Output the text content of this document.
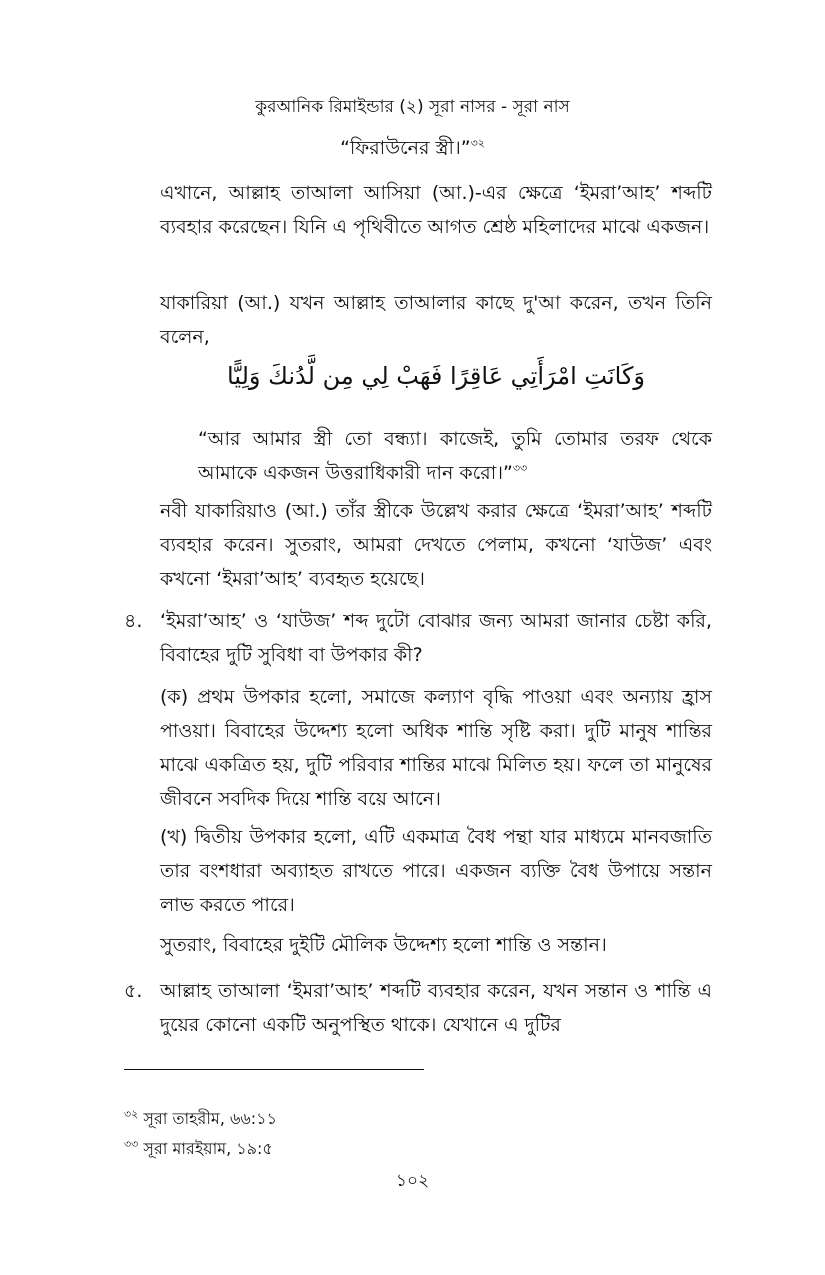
কুরআনিক রিমাইন্ডার (২) সূরা নাসর - সূরা নাস
“ফিরাউনের স্ত্রী।”$^{৩২}$
এখানে, আল্লাহ তাআলা আসিয়া (আ.)-এর ক্ষেত্রে ‘ইমরা’আহ’ শব্দটি ব্যবহার করেছেন। যিনি এ পৃথিবীতে আগত শ্রেষ্ঠ মহিলাদের মাঝে একজন।
যাকারিয়া (আ.) যখন আল্লাহ তাআলার কাছে দু'আ করেন, তখন তিনি বলেন,
وَكَانَتِ امْرَأَتِي عَاقِرًا فَهَبْ لِي مِن لَّدُنكَ وَلِيًّا
“আর আমার স্ত্রী তো বন্ধ্যা। কাজেই, তুমি তোমার তরফ থেকে আমাকে একজন উত্তরাধিকারী দান করো।”$^{৩৩}$
নবী যাকারিয়াও (আ.) তাঁর স্ত্রীকে উল্লেখ করার ক্ষেত্রে ‘ইমরা’আহ’ শব্দটি ব্যবহার করেন। সুতরাং, আমরা দেখতে পেলাম, কখনো ‘যাউজ’ এবং কখনো ‘ইমরা’আহ’ ব্যবহৃত হয়েছে।
৪. ‘ইমরা’আহ’ ও ‘যাউজ’ শব্দ দুটো বোঝার জন্য আমরা জানার চেষ্টা করি, বিবাহের দুটি সুবিধা বা উপকার কী?
(ক) প্রথম উপকার হলো, সমাজে কল্যাণ বৃদ্ধি পাওয়া এবং অন্যায় হ্রাস পাওয়া। বিবাহের উদ্দেশ্য হলো অধিক শান্তি সৃষ্টি করা। দুটি মানুষ শান্তির মাঝে একত্রিত হয়, দুটি পরিবার শান্তির মাঝে মিলিত হয়। ফলে তা মানুষের জীবনে সবদিক দিয়ে শান্তি বয়ে আনে।
(খ) দ্বিতীয় উপকার হলো, এটি একমাত্র বৈধ পন্থা যার মাধ্যমে মানবজাতি তার বংশধারা অব্যাহত রাখতে পারে। একজন ব্যক্তি বৈধ উপায়ে সন্তান লাভ করতে পারে।
সুতরাং, বিবাহের দুইটি মৌলিক উদ্দেশ্য হলো শান্তি ও সন্তান।
৫. আল্লাহ তাআলা ‘ইমরা’আহ’ শব্দটি ব্যবহার করেন, যখন সন্তান ও শান্তি এ দুয়ের কোনো একটি অনুপস্থিত থাকে। যেখানে এ দুটির
$^{৩২}$ সূরা তাহরীম, ৬৬:১১
$^{৩৩}$ সূরা মারইয়াম, ১৯:৫
১০২
